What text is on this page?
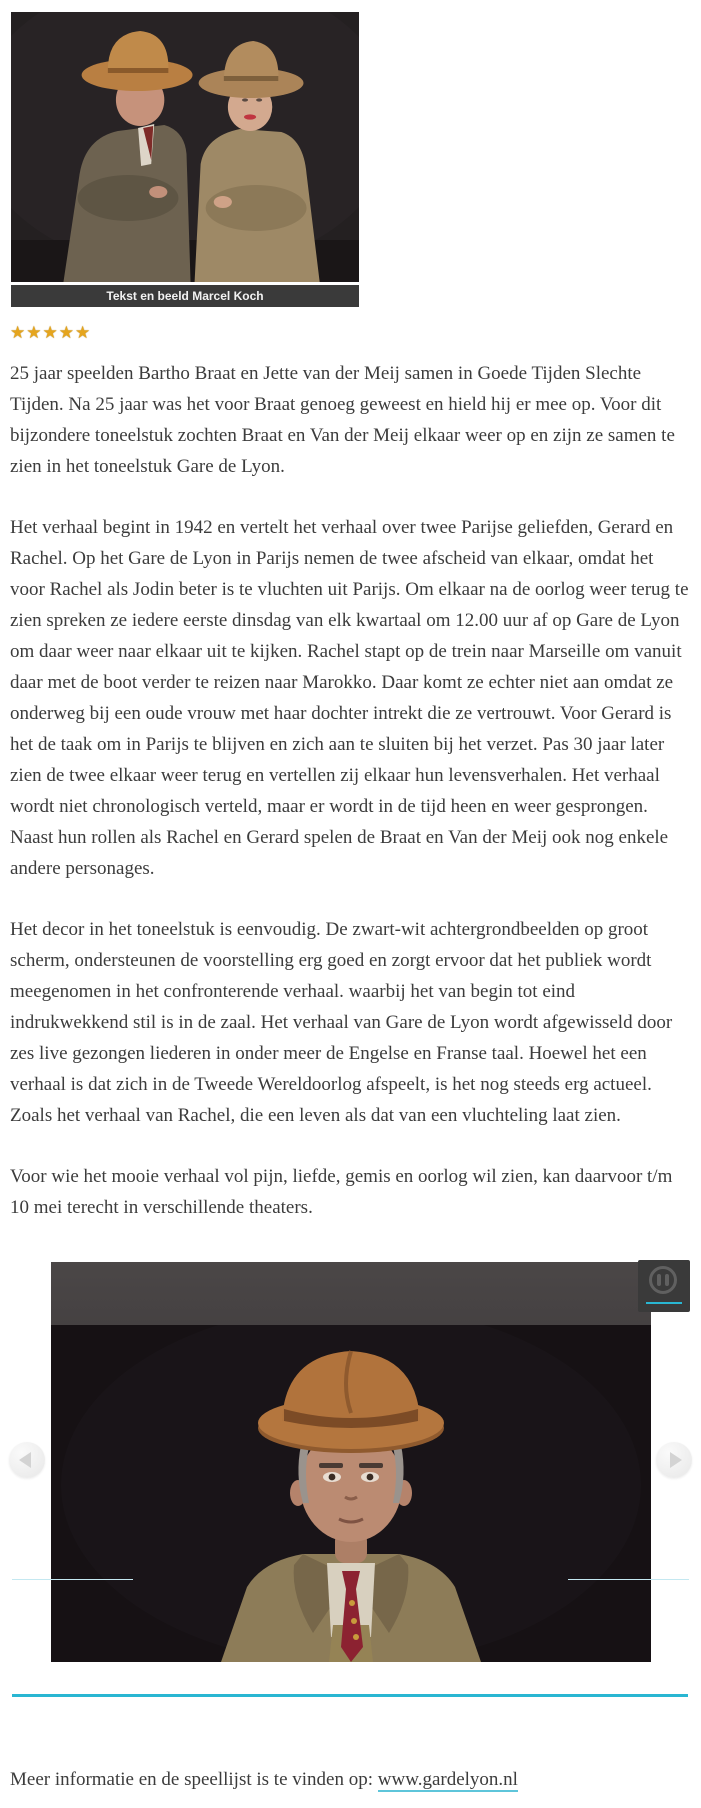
Tekst en beeld Marcel Koch
★★★★★

25 jaar speelden Bartho Braat en Jette van der Meij samen in Goede Tijden Slechte Tijden. Na 25 jaar was het voor Braat genoeg geweest en hield hij er mee op. Voor dit bijzondere toneelstuk zochten Braat en Van der Meij elkaar weer op en zijn ze samen te zien in het toneelstuk Gare de Lyon.

Het verhaal begint in 1942 en vertelt het verhaal over twee Parijse geliefden, Gerard en Rachel. Op het Gare de Lyon in Parijs nemen de twee afscheid van elkaar, omdat het voor Rachel als Jodin beter is te vluchten uit Parijs. Om elkaar na de oorlog weer terug te zien spreken ze iedere eerste dinsdag van elk kwartaal om 12.00 uur af op Gare de Lyon om daar weer naar elkaar uit te kijken. Rachel stapt op de trein naar Marseille om vanuit daar met de boot verder te reizen naar Marokko. Daar komt ze echter niet aan omdat ze onderweg bij een oude vrouw met haar dochter intrekt die ze vertrouwt. Voor Gerard is het de taak om in Parijs te blijven en zich aan te sluiten bij het verzet. Pas 30 jaar later zien de twee elkaar weer terug en vertellen zij elkaar hun levensverhalen. Het verhaal wordt niet chronologisch verteld, maar er wordt in de tijd heen en weer gesprongen. Naast hun rollen als Rachel en Gerard spelen de Braat en Van der Meij ook nog enkele andere personages.

Het decor in het toneelstuk is eenvoudig. De zwart-wit achtergrondbeelden op groot scherm, ondersteunen de voorstelling erg goed en zorgt ervoor dat het publiek wordt meegenomen in het confronterende verhaal. waarbij het van begin tot eind indrukwekkend stil is in de zaal. Het verhaal van Gare de Lyon wordt afgewisseld door zes live gezongen liederen in onder meer de Engelse en Franse taal. Hoewel het een verhaal is dat zich in de Tweede Wereldoorlog afspeelt, is het nog steeds erg actueel. Zoals het verhaal van Rachel, die een leven als dat van een vluchteling laat zien.

Voor wie het mooie verhaal vol pijn, liefde, gemis en oorlog wil zien, kan daarvoor t/m 10 mei terecht in verschillende theaters.

Meer informatie en de speellijst is te vinden op: www.gardelyon.nl
